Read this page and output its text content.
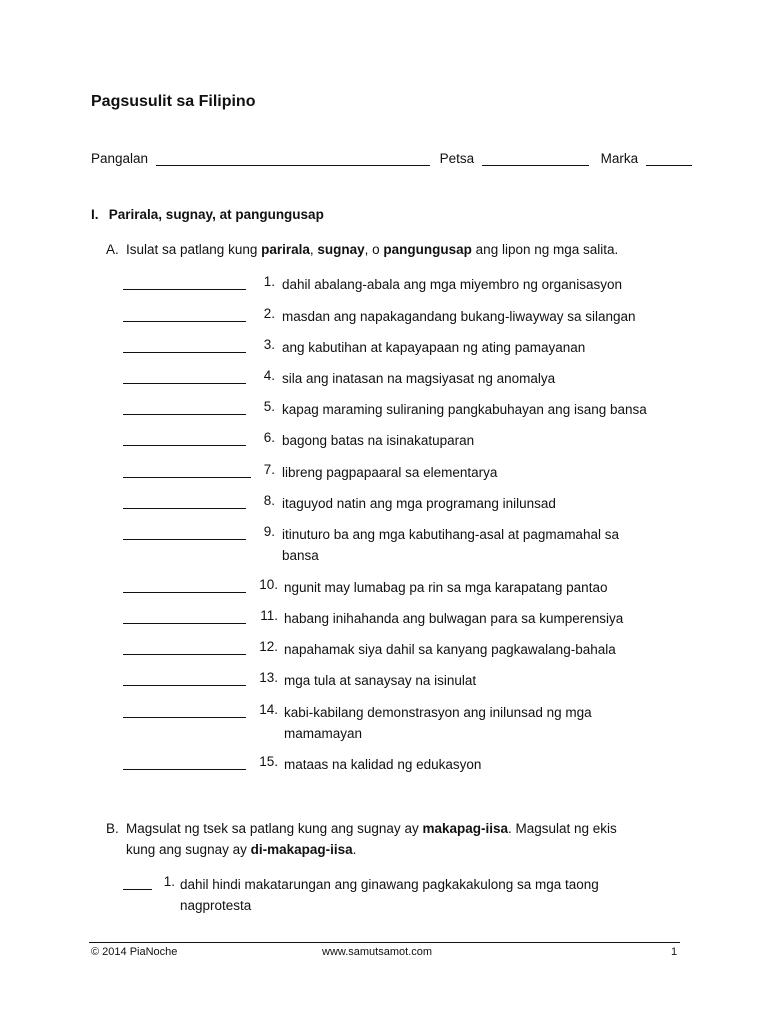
Pagsusulit sa Filipino
Pangalan	Petsa	Marka
I. Parirala, sugnay, at pangungusap
A. Isulat sa patlang kung parirala, sugnay, o pangungusap ang lipon ng mga salita.
1. dahil abalang-abala ang mga miyembro ng organisasyon
2. masdan ang napakagandang bukang-liwayway sa silangan
3. ang kabutihan at kapayapaan ng ating pamayanan
4. sila ang inatasan na magsiyasat ng anomalya
5. kapag maraming suliraning pangkabuhayan ang isang bansa
6. bagong batas na isinakatuparan
7. libreng pagpapaaral sa elementarya
8. itaguyod natin ang mga programang inilunsad
9. itinuturo ba ang mga kabutihang-asal at pagmamahal sa bansa
10. ngunit may lumabag pa rin sa mga karapatang pantao
11. habang inihahanda ang bulwagan para sa kumperensiya
12. napahamak siya dahil sa kanyang pagkawalang-bahala
13. mga tula at sanaysay na isinulat
14. kabi-kabilang demonstrasyon ang inilunsad ng mga mamamayan
15. mataas na kalidad ng edukasyon
B. Magsulat ng tsek sa patlang kung ang sugnay ay makapag-iisa. Magsulat ng ekis
kung ang sugnay ay di-makapag-iisa.
1. dahil hindi makatarungan ang ginawang pagkakakulong sa mga taong nagprotesta
© 2014 PiaNoche	www.samutsamot.com	1
